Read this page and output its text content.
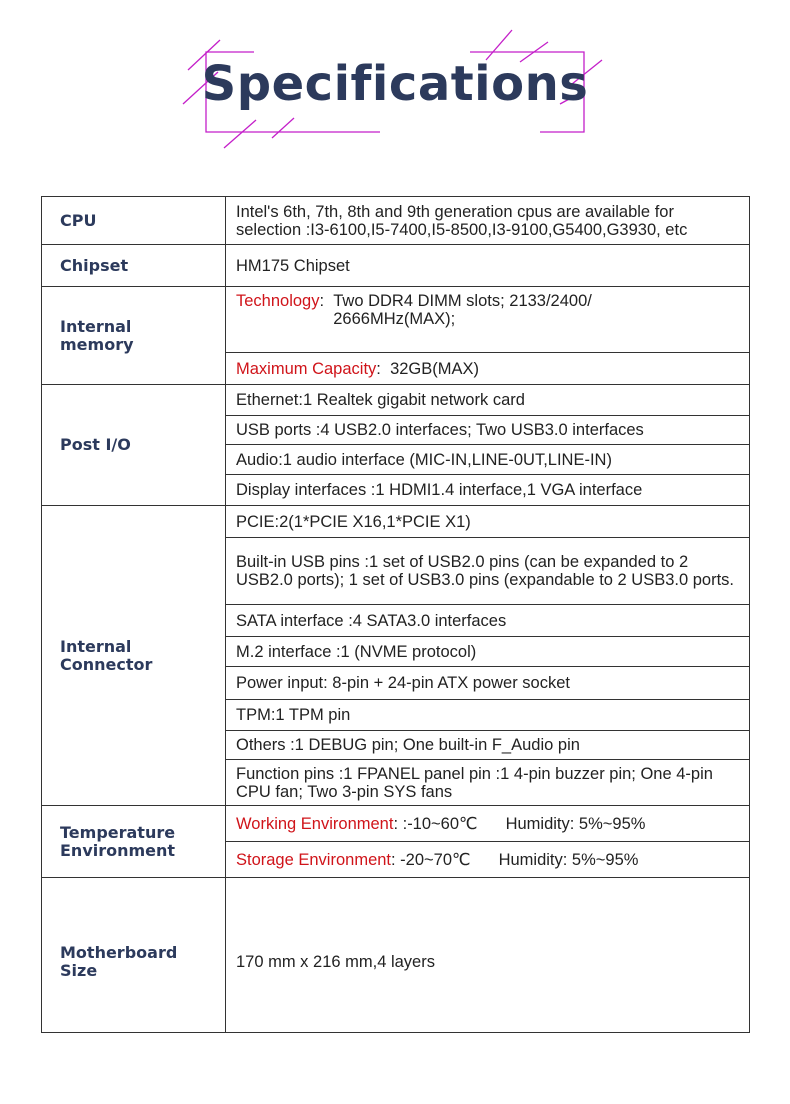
Specifications
CPU	Intel's 6th, 7th, 8th and 9th generation cpus are available for selection :I3-6100,I5-7400,I5-8500,I3-9100,G5400,G3930, etc
Chipset	HM175 Chipset
Internal memory	Technology: Two DDR4 DIMM slots; 2133/2400/ 2666MHz(MAX);

	Maximum Capacity: 32GB(MAX)
Post I/O	Ethernet:1 Realtek gigabit network card
	USB ports :4 USB2.0 interfaces; Two USB3.0 interfaces
	Audio:1 audio interface (MIC-IN,LINE-0UT,LINE-IN)
	Display interfaces :1 HDMI1.4 interface,1 VGA interface
Internal Connector	PCIE:2(1*PCIE X16,1*PCIE X1)
	Built-in USB pins :1 set of USB2.0 pins (can be expanded to 2 USB2.0 ports); 1 set of USB3.0 pins (expandable to 2 USB3.0 ports.
	SATA interface :4 SATA3.0 interfaces
	M.2 interface :1 (NVME protocol)
	Power input: 8-pin + 24-pin ATX power socket
	TPM:1 TPM pin
	Others :1 DEBUG pin; One built-in F_Audio pin
	Function pins :1 FPANEL panel pin :1 4-pin buzzer pin; One 4-pin CPU fan; Two 3-pin SYS fans
Temperature Environment	Working Environment: :-10~60℃ Humidity: 5%~95%
	Storage Environment: -20~70℃ Humidity: 5%~95%
Motherboard Size	170 mm x 216 mm,4 layers
